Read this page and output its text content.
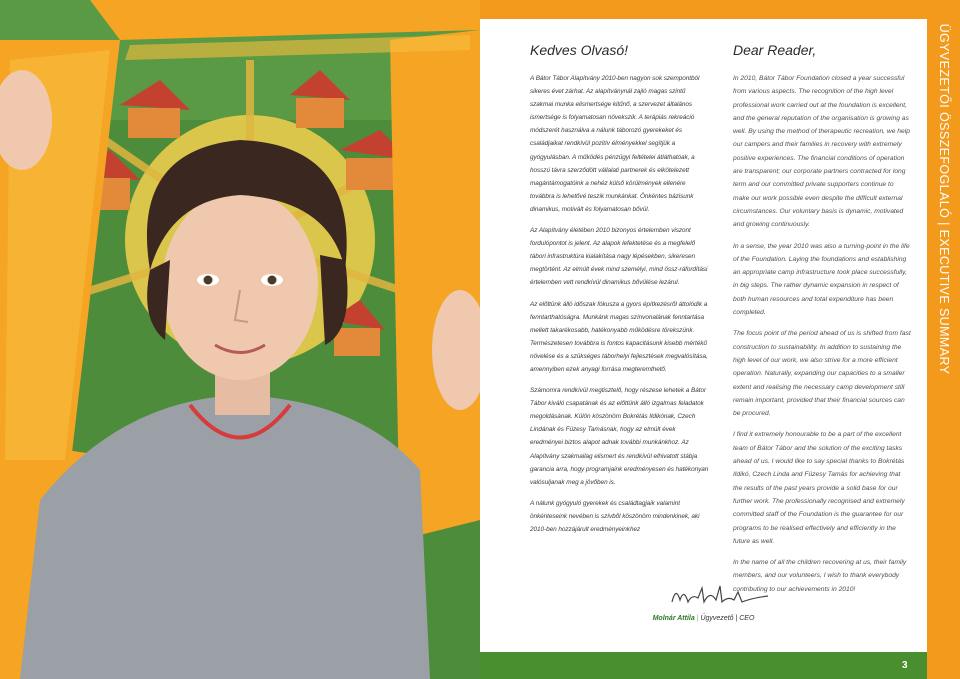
ÜGYVEZETŐI ÖSSZEFOGLALÓ | EXECUTIVE SUMMARY
3
Kedves Olvasó!

A Bátor Tábor Alapítvány 2010-ben nagyon sok szempontból sikeres évet zárhat. Az alapítványnál zajló magas szintű szakmai munka elismertsége kitűnő, a szervezet általános ismertsége is folyamatosan növekszik. A terápiás rekreáció módszerét használva a nálunk táborozó gyerekeket és családjaikat rendkívül pozitív élményekkel segítjük a gyógyulásban. A működés pénzügyi feltételei átláthatóak, a hosszú távra szerződött vállalati partnerek és elkötelezett magántámogatóink a nehéz külső körülmények ellenére továbbra is lehetővé teszik munkánkat. Önkéntes bázisunk dinamikus, motivált és folyamatosan bővül.

Az Alapítvány életében 2010 bizonyos értelemben viszont fordulópontot is jelent. Az alapok lefektetése és a megfelelő tábori infrastruktúra kialakítása nagy lépésekben, sikeresen megtörtént. Az elmúlt évek mind személyi, mind össz-ráfordítási értelemben vett rendkívül dinamikus bővülése lezárul.

Az előttünk álló időszak fókusza a gyors építkezésről áttolódik a fenntarthatóságra. Munkánk magas színvonalának fenntartása mellett takarékosabb, hatékonyabb működésre törekszünk. Természetesen továbbra is fontos kapacitásunk kisebb mértékű növelése és a szükséges táborhelyi fejlesztések megvalósítása, amennyiben ezek anyagi forrása megteremthető.

Számomra rendkívül megtisztelő, hogy részese lehetek a Bátor Tábor kiváló csapatának és az előttünk álló izgalmas feladatok megoldásának. Külön köszönöm Bokrétás Ildikónak, Czech Lindának és Füzesy Tamásnak, hogy az elmúlt évek eredményei biztos alapot adnak további munkánkhoz. Az Alapítvány szakmailag elismert és rendkívül elhivatott stábja garancia arra, hogy programjaink eredményesen és hatékonyan valósuljanak meg a jövőben is.

A nálunk gyógyuló gyerekek és családtagjaik valamint önkénteseink nevében is szívből köszönöm mindenkinek, aki 2010-ben hozzájárult eredményeinkhez

Dear Reader,

In 2010, Bátor Tábor Foundation closed a year successful from various aspects. The recognition of the high level professional work carried out at the foundation is excellent, and the general reputation of the organisation is growing as well. By using the method of therapeutic recreation, we help our campers and their families in recovery with extremely positive experiences. The financial conditions of operation are transparent; our corporate partners contracted for long term and our committed private supporters continue to make our work possible even despite the difficult external circumstances. Our voluntary basis is dynamic, motivated and growing continuously.

In a sense, the year 2010 was also a turning-point in the life of the Foundation. Laying the foundations and establishing an appropriate camp infrastructure took place successfully, in big steps. The rather dynamic expansion in respect of both human resources and total expenditure has been completed.

The focus point of the period ahead of us is shifted from fast construction to sustainability. In addition to sustaining the high level of our work, we also strive for a more efficient operation. Naturally, expanding our capacities to a smaller extent and realising the necessary camp development still remain important, provided that their financial sources can be procured.

I find it extremely honourable to be a part of the excellent team of Bátor Tábor and the solution of the exciting tasks ahead of us. I would like to say special thanks to Bokrétás Ildikó, Czech Linda and Füzesy Tamás for achieving that the results of the past years provide a solid base for our further work. The professionally recognised and extremely committed staff of the Foundation is the guarantee for our programs to be realised effectively and efficiently in the future as well.

In the name of all the children recovering at us, their family members, and our volunteers, I wish to thank everybody contributing to our achievements in 2010!

Molnár Attila | Ügyvezető | CEO
